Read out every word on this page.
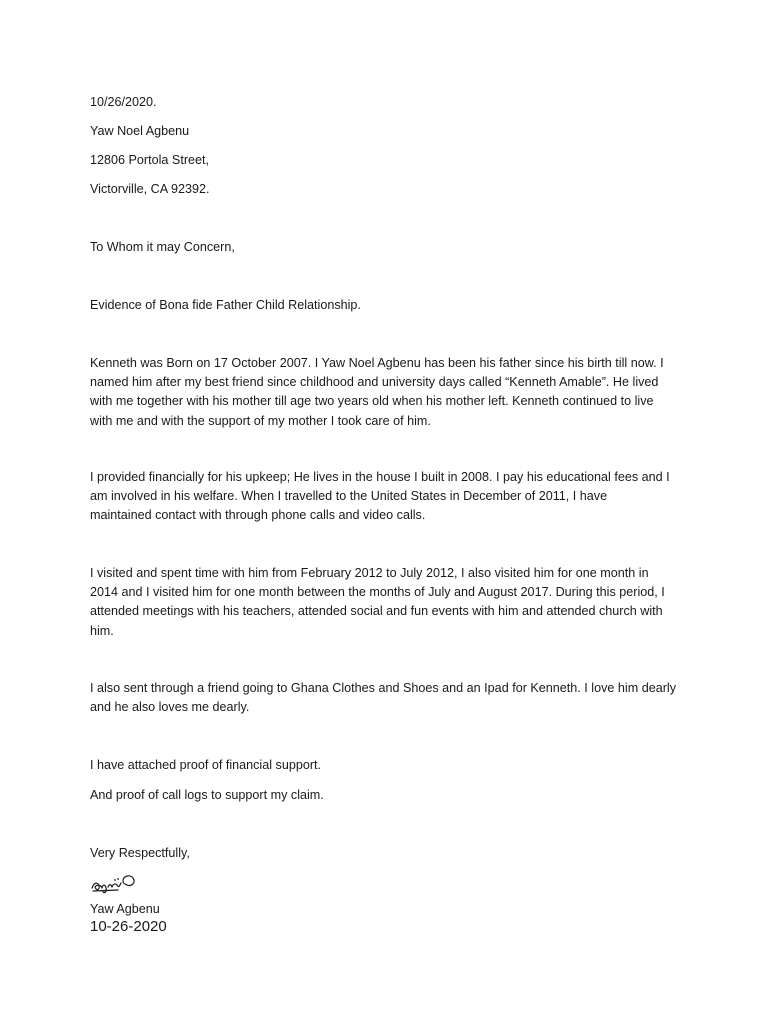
10/26/2020.
Yaw Noel Agbenu
12806 Portola Street,
Victorville, CA 92392.
To Whom it may Concern,
Evidence of Bona fide Father Child Relationship.
Kenneth was Born on 17 October 2007. I Yaw Noel Agbenu has been his father since his birth till now. I
named him after my best friend since childhood and university days called “Kenneth Amable”. He lived
with me together with his mother till age two years old when his mother left. Kenneth continued to live
with me and with the support of my mother I took care of him.
I provided financially for his upkeep; He lives in the house I built in 2008. I pay his educational fees and I
am involved in his welfare. When I travelled to the United States in December of 2011, I have
maintained contact with through phone calls and video calls.
I visited and spent time with him from February 2012 to July 2012, I also visited him for one month in
2014 and I visited him for one month between the months of July and August 2017. During this period, I
attended meetings with his teachers, attended social and fun events with him and attended church with
him.
I also sent through a friend going to Ghana Clothes and Shoes and an Ipad for Kenneth. I love him dearly
and he also loves me dearly.
I have attached proof of financial support.
And proof of call logs to support my claim.
Very Respectfully,
Yaw Agbenu
10-26-2020
